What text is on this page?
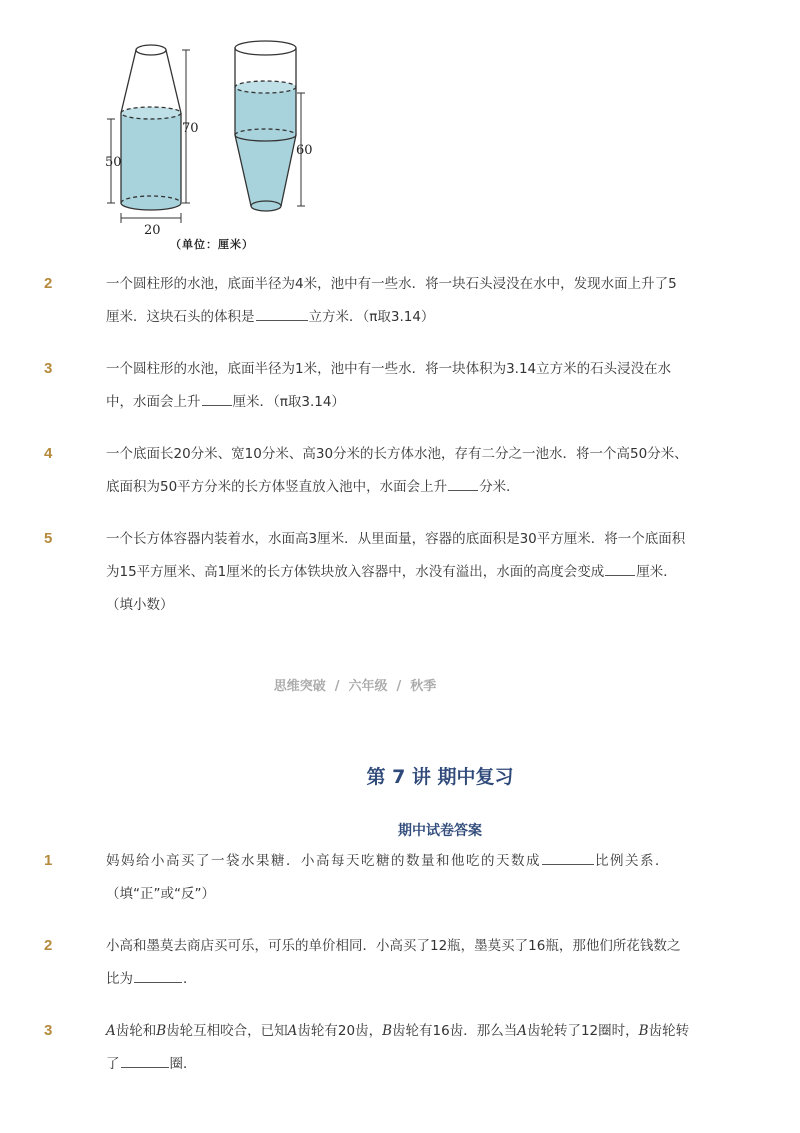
50
70
60
20
（单位：厘米）
2	一个圆柱形的水池，底面半径为4米，池中有一些水．将一块石头浸没在水中，发现水面上升了5

厘米．这块石头的体积是	立方米．（π取3.14）

3	一个圆柱形的水池，底面半径为1米，池中有一些水．将一块体积为3.14立方米的石头浸没在水

中，水面会上升 厘米．（π取3.14）

4	一个底面长20分米、宽10分米、高30分米的长方体水池，存有二分之一池水．将一个高50分米、

底面积为50平方分米的长方体竖直放入池中，水面会上升 分米．

5	一个长方体容器内装着水，水面高3厘米．从里面量，容器的底面积是30平方厘米．将一个底面积

为15平方厘米、高1厘米的长方体铁块放入容器中，水没有溢出，水面的高度会变成 厘米．

（填小数）

思维突破 / 六年级 / 秋季
第 7 讲 期中复习
期中试卷答案
1	妈妈给小高买了一袋水果糖．小高每天吃糖的数量和他吃的天数成	比例关系．

（填“正”或“反”）

2	小高和墨莫去商店买可乐，可乐的单价相同．小高买了12瓶，墨莫买了16瓶，那他们所花钱数之

比为	．

3	A齿轮和B齿轮互相咬合，已知A齿轮有20齿，B齿轮有16齿．那么当A齿轮转了12圈时，B齿轮转

了	圈．
